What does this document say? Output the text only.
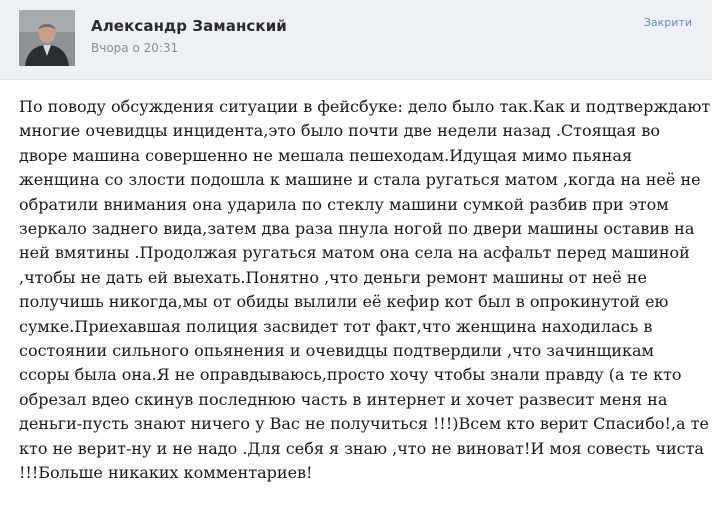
Александр Заманский
Вчора о 20:31
Закрити
По поводу обсуждения ситуации в фейсбуке: дело было так.Как и подтверждают
многие очевидцы инцидента,это было почти две недели назад .Стоящая во
дворе машина совершенно не мешала пешеходам.Идущая мимо пьяная
женщина со злости подошла к машине и стала ругаться матом ,когда на неё не
обратили внимания она ударила по стеклу машини сумкой разбив при этом
зеркало заднего вида,затем два раза пнула ногой по двери машины оставив на
ней вмятины .Продолжая ругаться матом она села на асфальт перед машиной
,чтобы не дать ей выехать.Понятно ,что деньги ремонт машины от неё не
получишь никогда,мы от обиды вылили её кефир кот был в опрокинутой ею
сумке.Приехавшая полиция засвидет тот факт,что женщина находилась в
состоянии сильного опьянения и очевидцы подтвердили ,что зачинщикам
ссоры была она.Я не оправдываюсь,просто хочу чтобы знали правду (а те кто
обрезал вдео скинув последнюю часть в интернет и хочет развесит меня на
деньги-пусть знают ничего у Вас не получиться !!!)Всем кто верит Спасибо!,а те
кто не верит-ну и не надо .Для себя я знаю ,что не виноват!И моя совесть чиста
!!!Больше никаких комментариев!
